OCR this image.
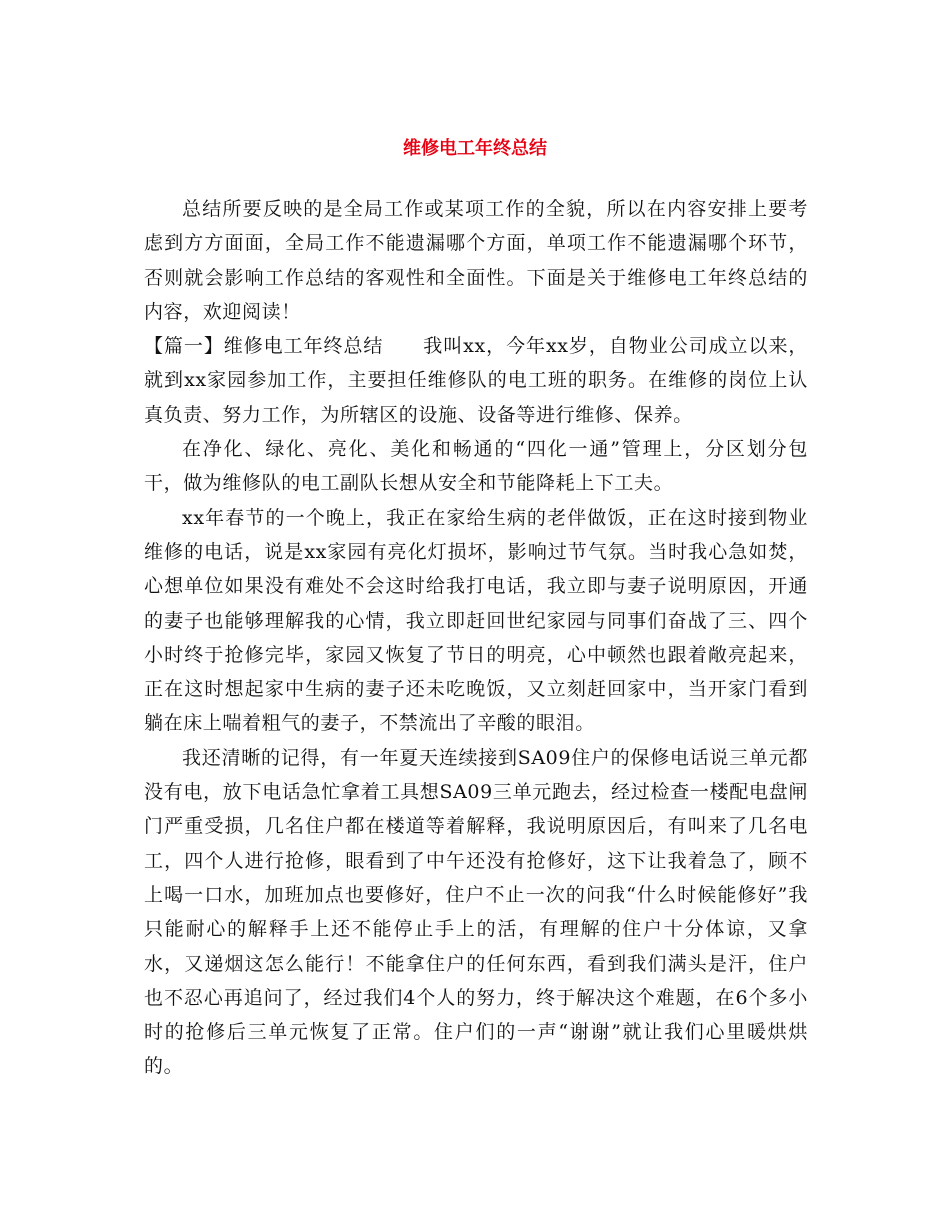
维修电工年终总结

总结所要反映的是全局工作或某项工作的全貌，所以在内容安排上要考虑到方方面面，全局工作不能遗漏哪个方面，单项工作不能遗漏哪个环节，否则就会影响工作总结的客观性和全面性。下面是关于维修电工年终总结的内容，欢迎阅读！

【篇一】维修电工年终总结　　我叫xx，今年xx岁，自物业公司成立以来，就到xx家园参加工作，主要担任维修队的电工班的职务。在维修的岗位上认真负责、努力工作，为所辖区的设施、设备等进行维修、保养。

在净化、绿化、亮化、美化和畅通的“四化一通”管理上，分区划分包干，做为维修队的电工副队长想从安全和节能降耗上下工夫。

xx年春节的一个晚上，我正在家给生病的老伴做饭，正在这时接到物业维修的电话，说是xx家园有亮化灯损坏，影响过节气氛。当时我心急如焚，心想单位如果没有难处不会这时给我打电话，我立即与妻子说明原因，开通的妻子也能够理解我的心情，我立即赶回世纪家园与同事们奋战了三、四个小时终于抢修完毕，家园又恢复了节日的明亮，心中顿然也跟着敞亮起来，正在这时想起家中生病的妻子还未吃晚饭，又立刻赶回家中，当开家门看到躺在床上喘着粗气的妻子，不禁流出了辛酸的眼泪。

我还清晰的记得，有一年夏天连续接到SA09住户的保修电话说三单元都没有电，放下电话急忙拿着工具想SA09三单元跑去，经过检查一楼配电盘闸门严重受损，几名住户都在楼道等着解释，我说明原因后，有叫来了几名电工，四个人进行抢修，眼看到了中午还没有抢修好，这下让我着急了，顾不上喝一口水，加班加点也要修好，住户不止一次的问我“什么时候能修好”我只能耐心的解释手上还不能停止手上的活，有理解的住户十分体谅，又拿水，又递烟这怎么能行！不能拿住户的任何东西，看到我们满头是汗，住户也不忍心再追问了，经过我们4个人的努力，终于解决这个难题，在6个多小时的抢修后三单元恢复了正常。住户们的一声“谢谢”就让我们心里暖烘烘的。
